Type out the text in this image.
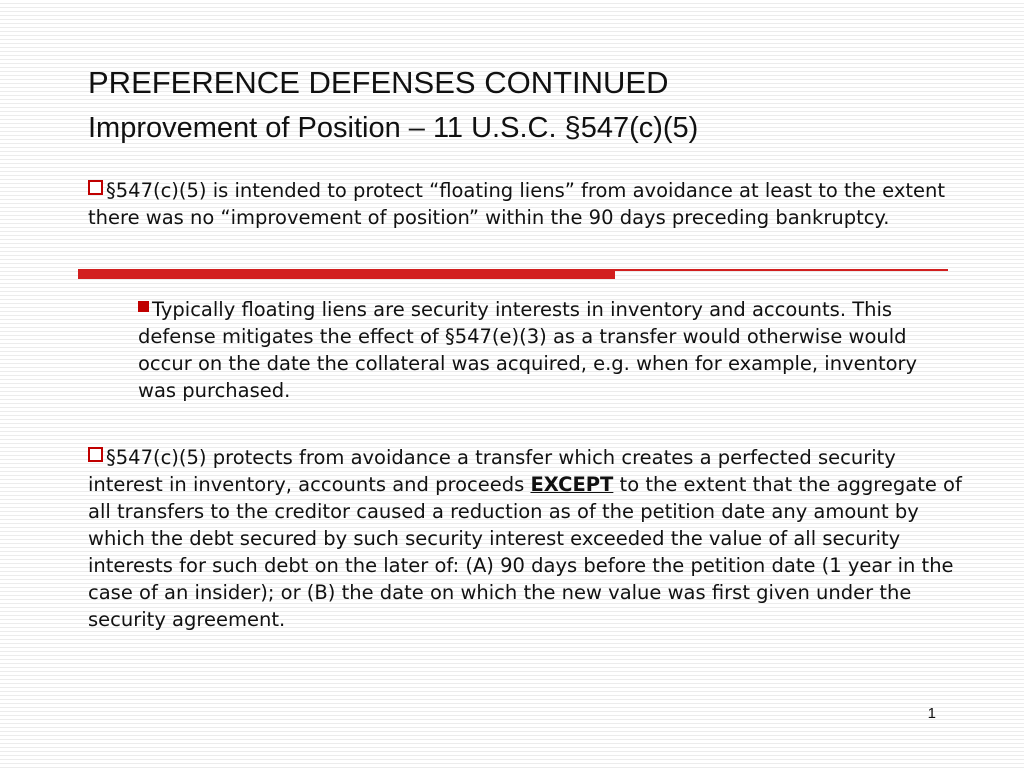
PREFERENCE DEFENSES CONTINUED
Improvement of Position – 11 U.S.C. §547(c)(5)

§547(c)(5) is intended to protect “floating liens” from avoidance at least to the extent there was no “improvement of position” within the 90 days preceding bankruptcy.

Typically floating liens are security interests in inventory and accounts. This defense mitigates the effect of §547(e)(3) as a transfer would otherwise would occur on the date the collateral was acquired, e.g. when for example, inventory was purchased.

§547(c)(5) protects from avoidance a transfer which creates a perfected security interest in inventory, accounts and proceeds EXCEPT to the extent that the aggregate of all transfers to the creditor caused a reduction as of the petition date any amount by which the debt secured by such security interest exceeded the value of all security interests for such debt on the later of: (A) 90 days before the petition date (1 year in the case of an insider); or (B) the date on which the new value was first given under the security agreement.

1
